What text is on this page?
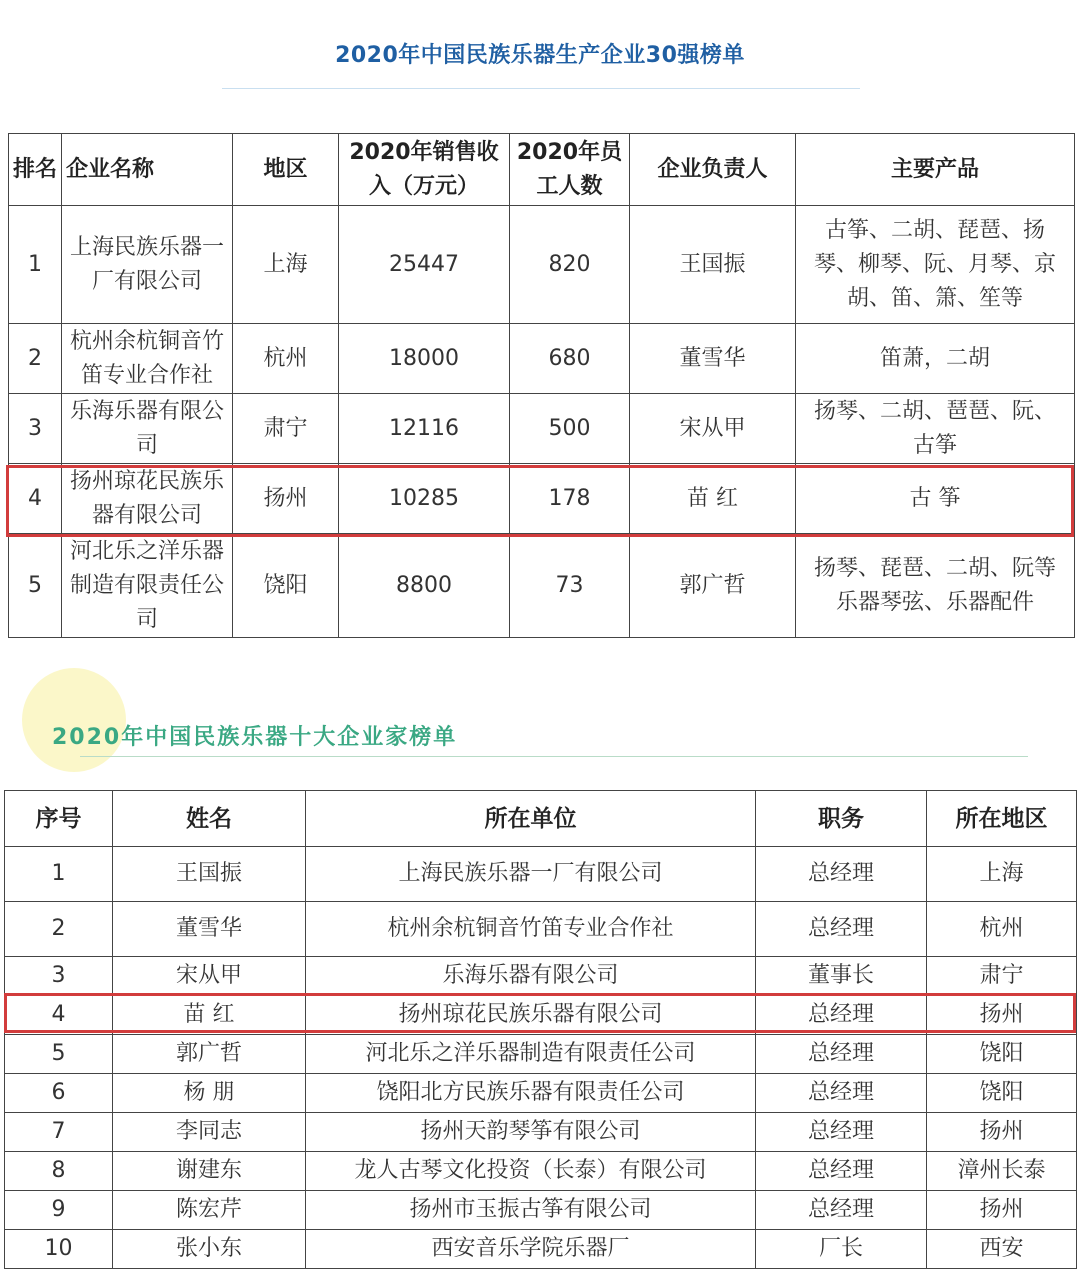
2020年中国民族乐器生产企业30强榜单
排名	企业名称	地区	2020年销售收入（万元）	2020年员工人数	企业负责人	主要产品
1	上海民族乐器一厂有限公司	上海	25447	820	王国振	古筝、二胡、琵琶、扬琴、柳琴、阮、月琴、京胡、笛、箫、笙等
2	杭州余杭铜音竹笛专业合作社	杭州	18000	680	董雪华	笛萧，二胡
3	乐海乐器有限公司	肃宁	12116	500	宋从甲	扬琴、二胡、琶琶、阮、古筝
4	扬州琼花民族乐器有限公司	扬州	10285	178	苗 红	古 筝
5	河北乐之洋乐器制造有限责任公司	饶阳	8800	73	郭广哲	扬琴、琵琶、二胡、阮等乐器琴弦、乐器配件
2020年中国民族乐器十大企业家榜单
序号	姓名	所在单位	职务	所在地区
1	王国振	上海民族乐器一厂有限公司	总经理	上海
2	董雪华	杭州余杭铜音竹笛专业合作社	总经理	杭州
3	宋从甲	乐海乐器有限公司	董事长	肃宁
4	苗 红	扬州琼花民族乐器有限公司	总经理	扬州
5	郭广哲	河北乐之洋乐器制造有限责任公司	总经理	饶阳
6	杨 朋	饶阳北方民族乐器有限责任公司	总经理	饶阳
7	李同志	扬州天韵琴筝有限公司	总经理	扬州
8	谢建东	龙人古琴文化投资（长泰）有限公司	总经理	漳州长泰
9	陈宏芹	扬州市玉振古筝有限公司	总经理	扬州
10	张小东	西安音乐学院乐器厂	厂长	西安
